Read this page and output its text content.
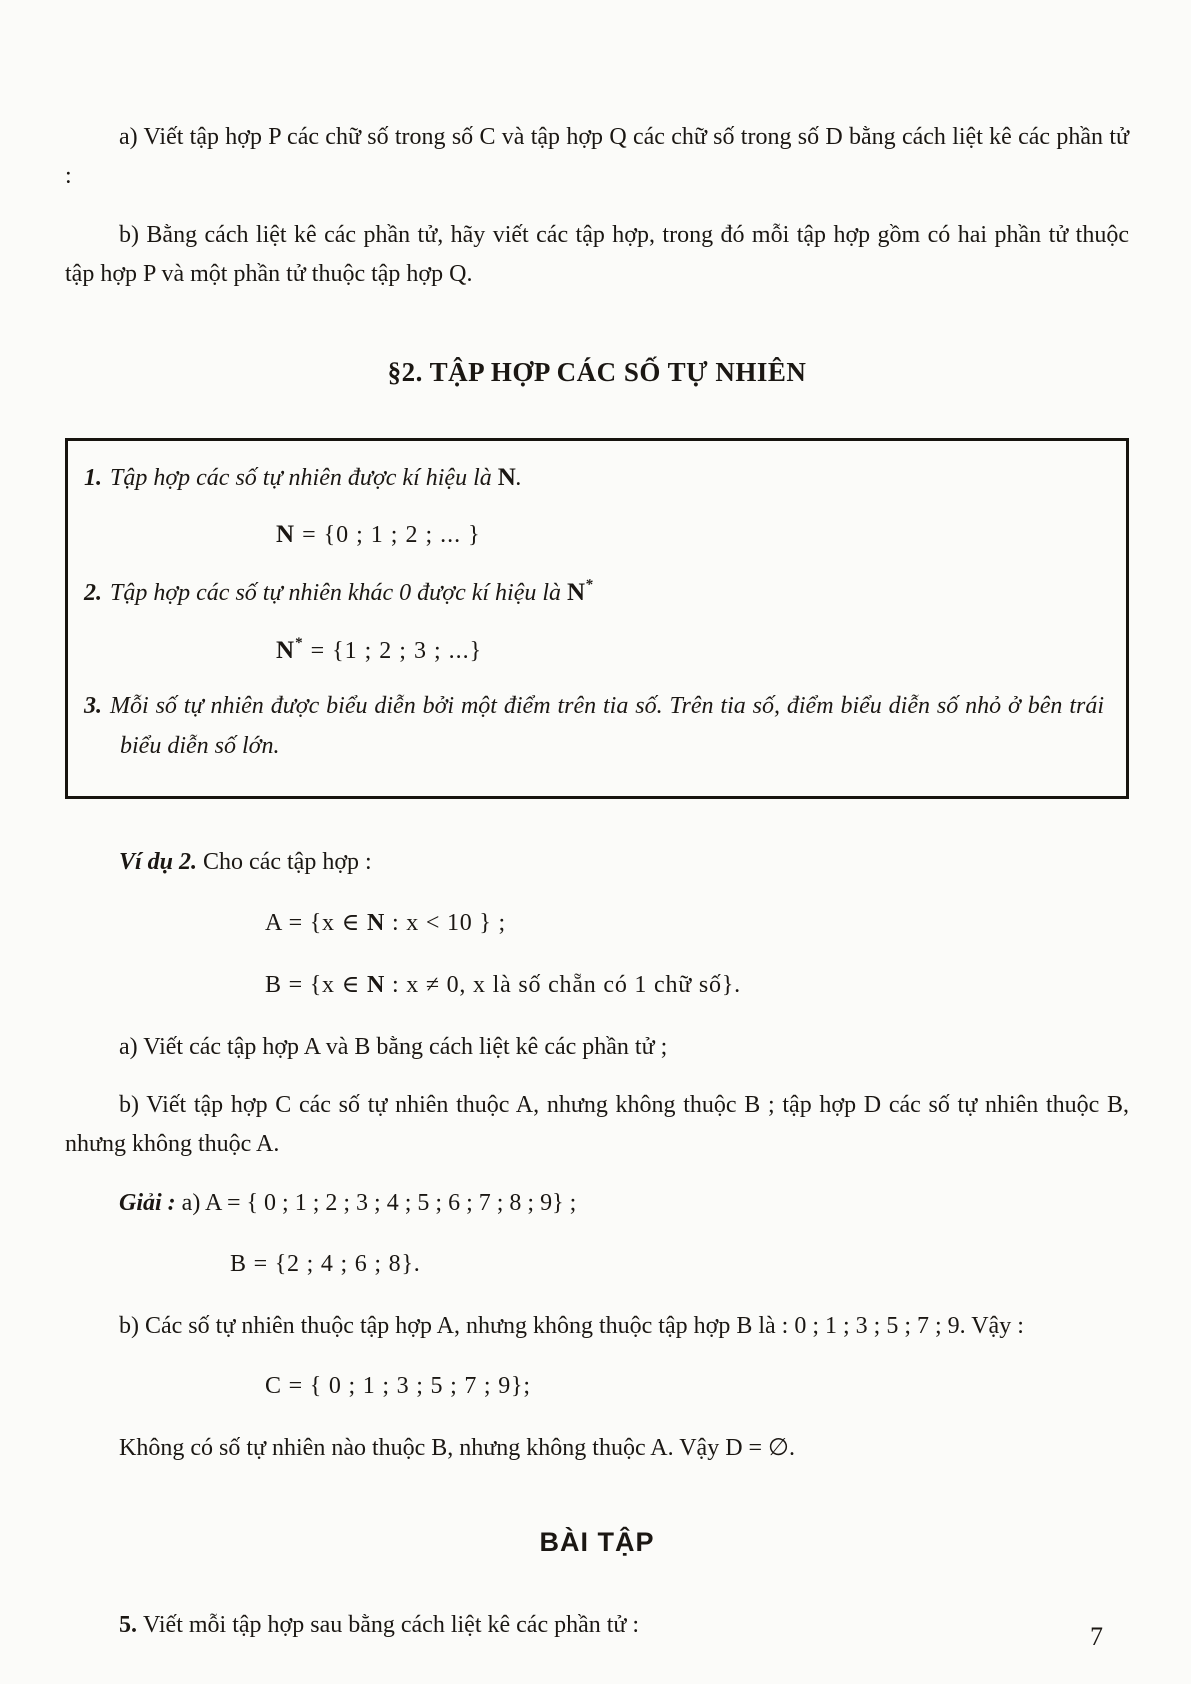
a) Viết tập hợp P các chữ số trong số C và tập hợp Q các chữ số trong số D bằng cách liệt kê các phần tử :

b) Bằng cách liệt kê các phần tử, hãy viết các tập hợp, trong đó mỗi tập hợp gồm có hai phần tử thuộc tập hợp P và một phần tử thuộc tập hợp Q.

§2. TẬP HỢP CÁC SỐ TỰ NHIÊN

1. Tập hợp các số tự nhiên được kí hiệu là N.

N = {0 ; 1 ; 2 ; ... }

2. Tập hợp các số tự nhiên khác 0 được kí hiệu là N*

N* = {1 ; 2 ; 3 ; ...}

3. Mỗi số tự nhiên được biểu diễn bởi một điểm trên tia số. Trên tia số, điểm biểu diễn số nhỏ ở bên trái biểu diễn số lớn.

Ví dụ 2. Cho các tập hợp :

A = {x ∈ N : x < 10 } ;

B = {x ∈ N : x ≠ 0, x là số chẵn có 1 chữ số}.

a) Viết các tập hợp A và B bằng cách liệt kê các phần tử ;

b) Viết tập hợp C các số tự nhiên thuộc A, nhưng không thuộc B ; tập hợp D các số tự nhiên thuộc B, nhưng không thuộc A.

Giải : a) A = { 0 ; 1 ; 2 ; 3 ; 4 ; 5 ; 6 ; 7 ; 8 ; 9} ;

B = {2 ; 4 ; 6 ; 8}.

b) Các số tự nhiên thuộc tập hợp A, nhưng không thuộc tập hợp B là : 0 ; 1 ; 3 ; 5 ; 7 ; 9. Vậy :

C = { 0 ; 1 ; 3 ; 5 ; 7 ; 9};

Không có số tự nhiên nào thuộc B, nhưng không thuộc A. Vậy D = ∅.

BÀI TẬP

5. Viết mỗi tập hợp sau bằng cách liệt kê các phần tử :	7
